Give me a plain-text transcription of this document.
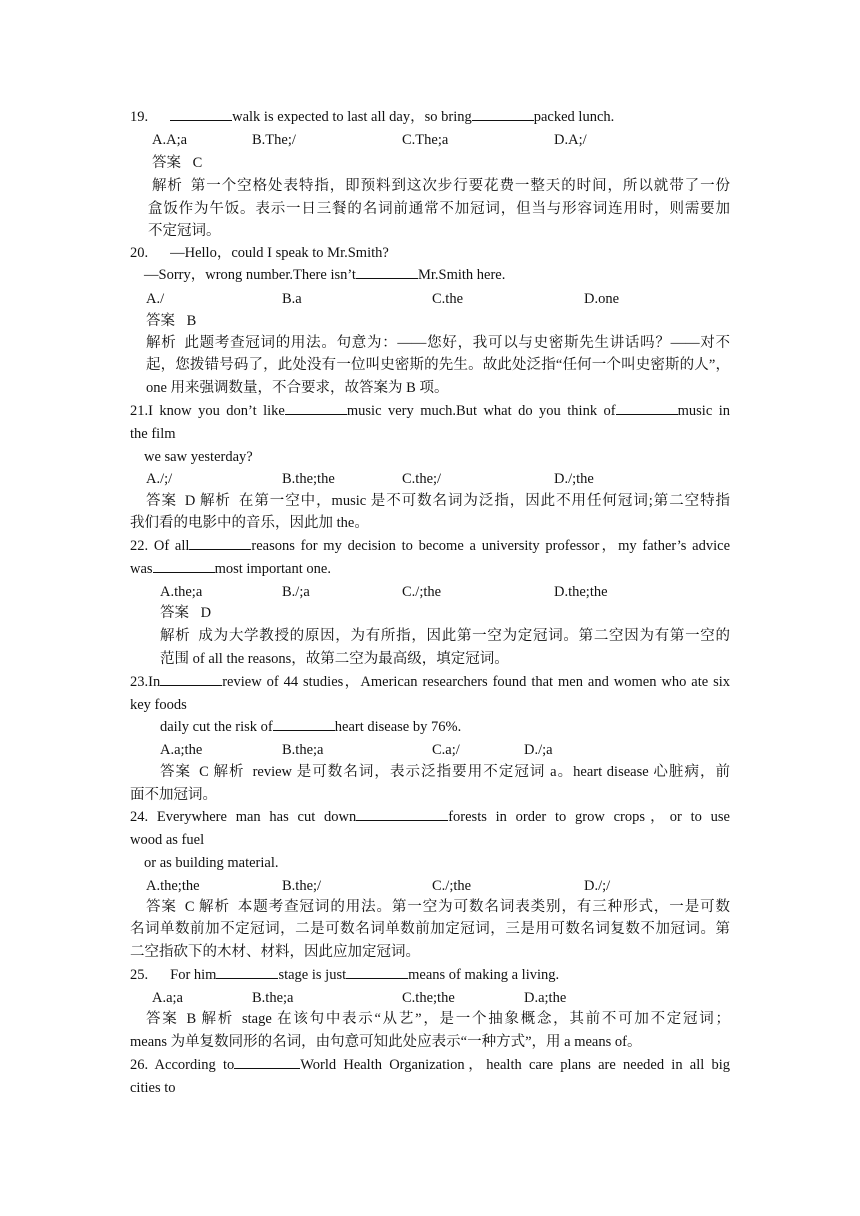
19.	walk is expected to last all day，so bring	packed lunch.
A.A;a	B.The;/	C.The;a	D.A;/
答案 C
解析 第一个空格处表特指，即预料到这次步行要花费一整天的时间，所以就带了一份
盒饭作为午饭。表示一日三餐的名词前通常不加冠词，但当与形容词连用时，则需要加
不定冠词。
20. —Hello，could I speak to Mr.Smith?
—Sorry，wrong number.There isn’t	Mr.Smith here.
A./	B.a	C.the	D.one
答案 B
解析 此题考查冠词的用法。句意为：——您好，我可以与史密斯先生讲话吗？——对不
起，您拨错号码了，此处没有一位叫史密斯的先生。故此处泛指“任何一个叫史密斯的人”，
one 用来强调数量，不合要求，故答案为 B 项。
21.I know you don’t like	music very much.But what do you think of	music in
the film
we saw yesterday?
A./;/	B.the;the	C.the;/	D./;the
答案 D 解析 在第一空中，music 是不可数名词为泛指，因此不用任何冠词;第二空特指
我们看的电影中的音乐，因此加 the。
22. Of all	reasons for my decision to become a university professor，my father’s advice
was	most important one.
A.the;a	B./;a	C./;the	D.the;the
答案 D
解析 成为大学教授的原因，为有所指，因此第一空为定冠词。第二空因为有第一空的
范围 of all the reasons，故第二空为最高级，填定冠词。
23.In	review of 44 studies，American researchers found that men and women who ate six
key foods
daily cut the risk of	heart disease by 76%.
A.a;the	B.the;a	C.a;/	D./;a
答案 C 解析 review 是可数名词，表示泛指要用不定冠词 a。heart disease 心脏病，前
面不加冠词。
24. Everywhere man has cut down	forests in order to grow crops，or to use
wood as fuel
or as building material.
A.the;the	B.the;/	C./;the	D./;/
答案 C 解析 本题考查冠词的用法。第一空为可数名词表类别，有三种形式，一是可数
名词单数前加不定冠词，二是可数名词单数前加定冠词，三是用可数名词复数不加冠词。第
二空指砍下的木材、材料，因此应加定冠词。
25. For him	stage is just	means of making a living.
A.a;a	B.the;a	C.the;the	D.a;the
答案 B 解析 stage 在该句中表示“从艺”，是一个抽象概念，其前不可加不定冠词；
means 为单复数同形的名词，由句意可知此处应表示“一种方式”，用 a means of。
26. According to	World Health Organization，health care plans are needed in all big
cities to
